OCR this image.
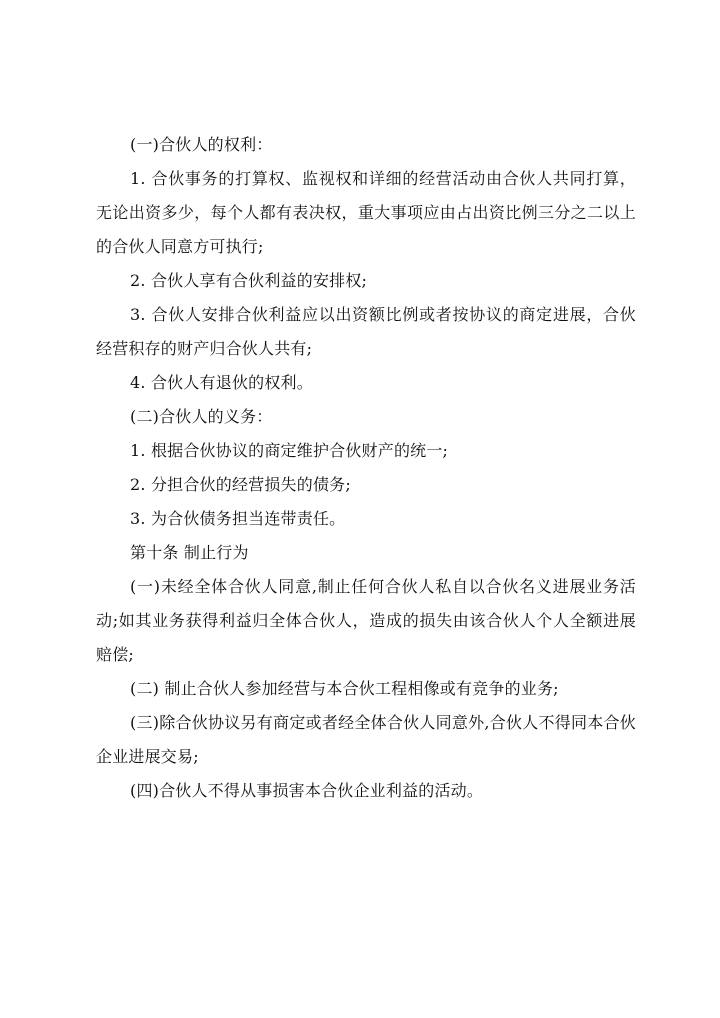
(一)合伙人的权利：

1. 合伙事务的打算权、监视权和详细的经营活动由合伙人共同打算，无论出资多少，每个人都有表决权，重大事项应由占出资比例三分之二以上的合伙人同意方可执行;

2. 合伙人享有合伙利益的安排权;

3. 合伙人安排合伙利益应以出资额比例或者按协议的商定进展，合伙经营积存的财产归合伙人共有;

4. 合伙人有退伙的权利。

(二)合伙人的义务：

1. 根据合伙协议的商定维护合伙财产的统一;

2. 分担合伙的经营损失的债务;

3. 为合伙债务担当连带责任。

第十条 制止行为

(一)未经全体合伙人同意,制止任何合伙人私自以合伙名义进展业务活动;如其业务获得利益归全体合伙人，造成的损失由该合伙人个人全额进展赔偿;

(二) 制止合伙人参加经营与本合伙工程相像或有竞争的业务;

(三)除合伙协议另有商定或者经全体合伙人同意外,合伙人不得同本合伙企业进展交易;

(四)合伙人不得从事损害本合伙企业利益的活动。
